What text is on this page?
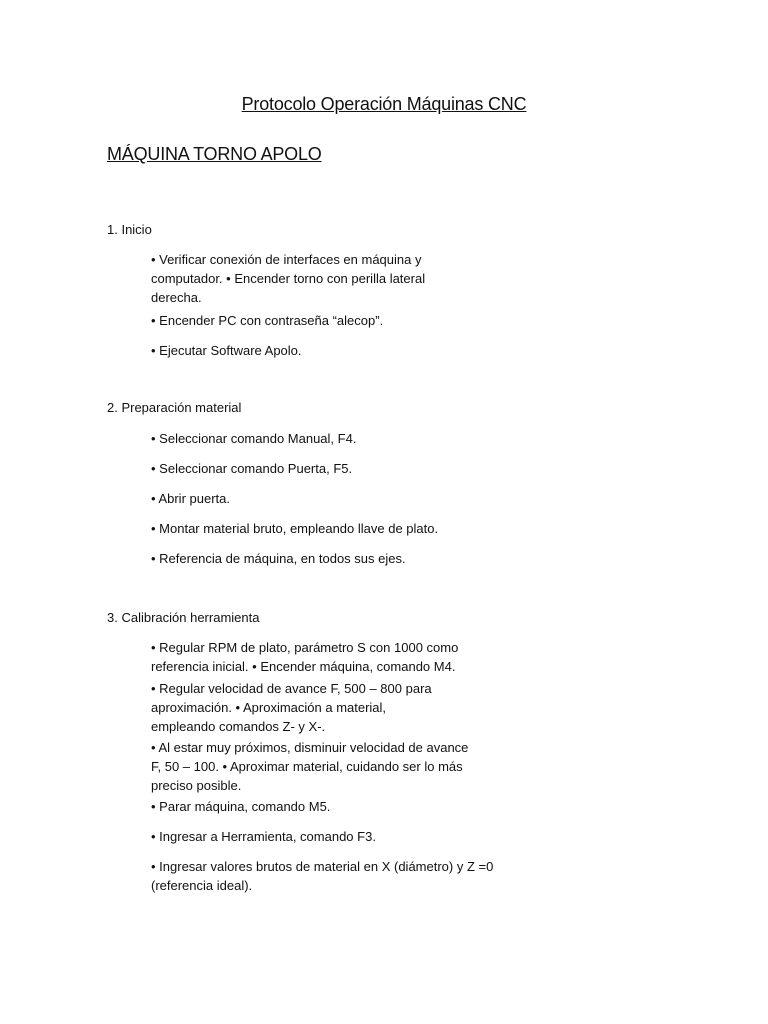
Protocolo Operación Máquinas CNC
MÁQUINA TORNO APOLO
1. Inicio
• Verificar conexión de interfaces en máquina y
computador. • Encender torno con perilla lateral
derecha.
• Encender PC con contraseña “alecop”.
• Ejecutar Software Apolo.
2. Preparación material
• Seleccionar comando Manual, F4.
• Seleccionar comando Puerta, F5.
• Abrir puerta.
• Montar material bruto, empleando llave de plato.
• Referencia de máquina, en todos sus ejes.
3. Calibración herramienta
• Regular RPM de plato, parámetro S con 1000 como
referencia inicial. • Encender máquina, comando M4.
• Regular velocidad de avance F, 500 – 800 para
aproximación. • Aproximación a material,
empleando comandos Z- y X-.
• Al estar muy próximos, disminuir velocidad de avance
F, 50 – 100. • Aproximar material, cuidando ser lo más
preciso posible.
• Parar máquina, comando M5.
• Ingresar a Herramienta, comando F3.
• Ingresar valores brutos de material en X (diámetro) y Z =0
(referencia ideal).
